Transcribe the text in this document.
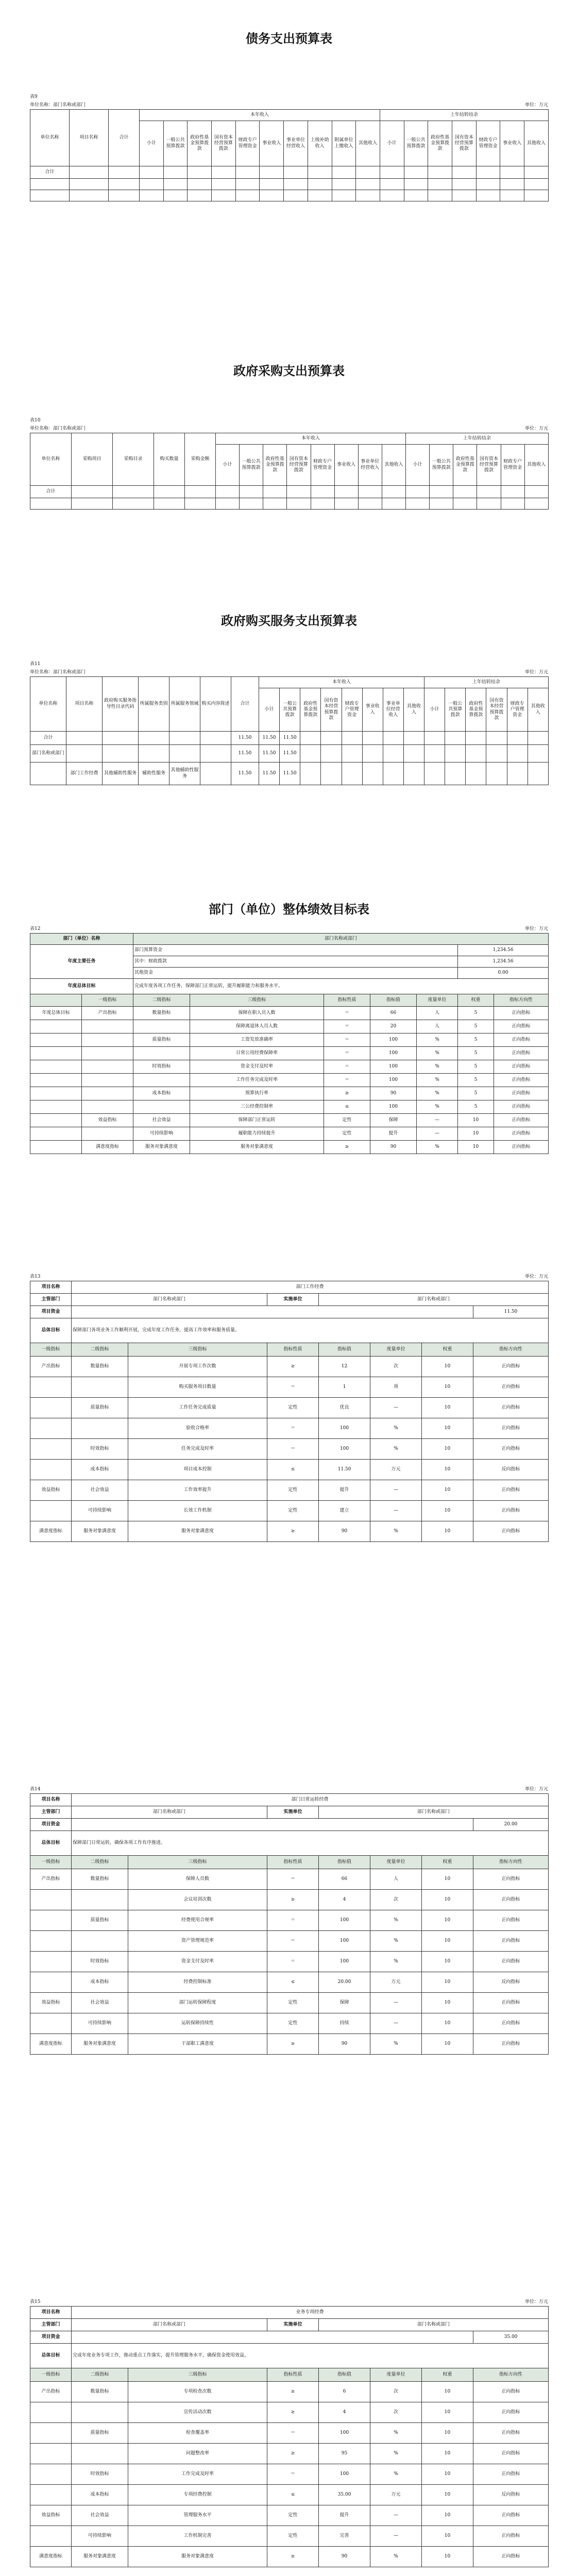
债务支出预算表
表9
单位名称：部门名称或部门	单位：万元
单位名称	项目名称	合计	本年收入										上年结转结余						
			小计	一般公共预算拨款	政府性基金预算拨款	国有资本经营预算拨款	财政专户管理资金	事业收入	事业单位经营收入	上级补助收入	附属单位上缴收入	其他收入	小计	一般公共预算拨款	政府性基金预算拨款	国有资本经营预算拨款	财政专户管理资金	事业收入	其他收入
合计																			

政府采购支出预算表
表10
单位名称：部门名称或部门	单位：万元
单位名称	采购项目	采购目录	购买数量	采购金额	本年收入								上年结转结余					
					小计	一般公共预算拨款	政府性基金预算拨款	国有资本经营预算拨款	财政专户管理资金	事业收入	事业单位经营收入	其他收入	小计	一般公共预算拨款	政府性基金预算拨款	国有资本经营预算拨款	财政专户管理资金	其他收入
合计																		

政府购买服务支出预算表
表11
单位名称：部门名称或部门	单位：万元
单位名称	项目名称	政府购买服务指导性目录代码	所属服务类别	所属服务领域	购买内容简述	合计	本年收入								上年结转结余					
							小计	一般公共预算拨款	政府性基金预算拨款	国有资本经营预算拨款	财政专户管理资金	事业收入	事业单位经营收入	其他收入	小计	一般公共预算拨款	政府性基金预算拨款	国有资本经营预算拨款	财政专户管理资金	其他收入
合计						11.50	11.50	11.50												
部门名称或部门						11.50	11.50	11.50												
	部门工作经费	其他辅助性服务	辅助性服务	其他辅助性服务		11.50	11.50	11.50												
部门（单位）整体绩效目标表
表12	单位：万元
部门（单位）名称		部门名称或部门						
年度主要任务		部门预算资金					1,234.56	
		其中：财政拨款					1,234.56	
		其他资金					0.00	
年度总体目标		完成年度各项工作任务，保障部门正常运转，提升履职能力和服务水平。						
	一级指标	二级指标	三级指标	指标性质	指标值	度量单位	权重	指标方向性
年度总体目标	产出指标	数量指标	保障在职人员人数	＝	66	人	5	正向指标
			保障离退休人员人数	＝	20	人	5	正向指标
		质量指标	工资发放准确率	＝	100	%	5	正向指标
			日常公用经费保障率	＝	100	%	5	正向指标
		时效指标	资金支付及时率	＝	100	%	5	正向指标
			工作任务完成及时率	＝	100	%	5	正向指标
		成本指标	预算执行率	≥	90	%	5	正向指标
			三公经费控制率	≤	100	%	5	正向指标
	效益指标	社会效益	保障部门正常运转	定性	保障	—	10	正向指标
		可持续影响	履职能力持续提升	定性	提升	—	10	正向指标
	满意度指标	服务对象满意度	服务对象满意度	≥	90	%	10	正向指标
表13	单位：万元
项目名称	部门工作经费						
主管部门	部门名称或部门		实施单位	部门名称或部门			
项目资金							11.50
总体目标	保障部门各项业务工作顺利开展，完成年度工作任务，提高工作效率和服务质量。						
一级指标	二级指标	三级指标	指标性质	指标值	度量单位	权重	指标方向性
产出指标	数量指标	开展专项工作次数	≥	12	次	10	正向指标
		购买服务项目数量	＝	1	项	10	正向指标
	质量指标	工作任务完成质量	定性	优良	—	10	正向指标
		验收合格率	＝	100	%	10	正向指标
	时效指标	任务完成及时率	＝	100	%	10	正向指标
	成本指标	项目成本控制	≤	11.50	万元	10	反向指标
效益指标	社会效益	工作效率提升	定性	提升	—	10	正向指标
	可持续影响	长效工作机制	定性	建立	—	10	正向指标
满意度指标	服务对象满意度	服务对象满意度	≥	90	%	10	正向指标
表14	单位：万元
项目名称	部门日常运转经费						
主管部门	部门名称或部门		实施单位	部门名称或部门			
项目资金							20.00
总体目标	保障部门日常运转，确保各项工作有序推进。						
一级指标	二级指标	三级指标	指标性质	指标值	度量单位	权重	指标方向性
产出指标	数量指标	保障人员数	＝	66	人	10	正向指标
		会议培训次数	≥	4	次	10	正向指标
	质量指标	经费使用合规率	＝	100	%	10	正向指标
		资产管理规范率	＝	100	%	10	正向指标
	时效指标	资金支付及时率	＝	100	%	10	正向指标
	成本指标	经费控制标准	≤	20.00	万元	10	反向指标
效益指标	社会效益	部门运转保障程度	定性	保障	—	10	正向指标
	可持续影响	运转保障持续性	定性	持续	—	10	正向指标
满意度指标	服务对象满意度	干部职工满意度	≥	90	%	10	正向指标
表15	单位：万元
项目名称	业务专项经费						
主管部门	部门名称或部门		实施单位	部门名称或部门			
项目资金							35.00
总体目标	完成年度业务专项工作，推动重点工作落实，提升管理服务水平，确保资金使用效益。						
一级指标	二级指标	三级指标	指标性质	指标值	度量单位	权重	指标方向性
产出指标	数量指标	专项检查次数	≥	6	次	10	正向指标
		宣传活动次数	≥	4	次	10	正向指标
	质量指标	检查覆盖率	＝	100	%	10	正向指标
		问题整改率	≥	95	%	10	正向指标
	时效指标	工作完成及时率	＝	100	%	10	正向指标
	成本指标	专项经费控制	≤	35.00	万元	10	反向指标
效益指标	社会效益	管理服务水平	定性	提升	—	10	正向指标
	可持续影响	工作机制完善	定性	完善	—	10	正向指标
满意度指标	服务对象满意度	服务对象满意度	≥	90	%	10	正向指标
